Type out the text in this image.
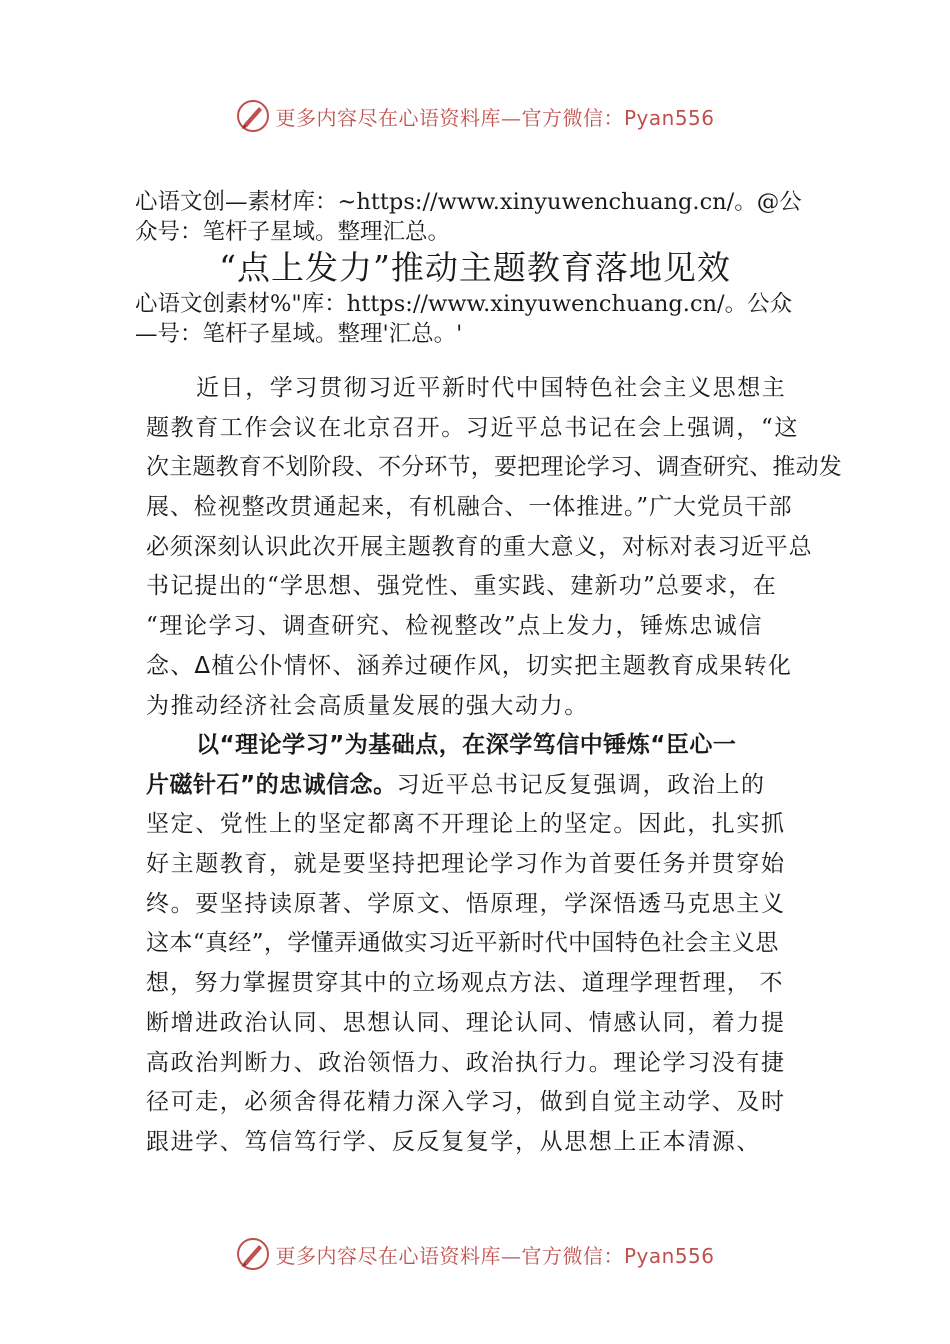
更多内容尽在心语资料库—官方微信：Pyan556
心语文创—素材库：~https://www.xinyuwenchuang.cn/。@公
众号：笔杆子星域。整理汇总。
“点上发力”推动主题教育落地见效
心语文创素材%"库：https://www.xinyuwenchuang.cn/。公众
—号：笔杆子星域。整理'汇总。'
近日，学习贯彻习近平新时代中国特色社会主义思想主
题教育工作会议在北京召开。习近平总书记在会上强调，“这
次主题教育不划阶段、不分环节，要把理论学习、调查研究、推动发
展、检视整改贯通起来，有机融合、一体推进。”广大党员干部
必须深刻认识此次开展主题教育的重大意义，对标对表习近平总
书记提出的“学思想、强党性、重实践、建新功”总要求，在
“理论学习、调查研究、检视整改”点上发力，锤炼忠诚信
念、ᐃ植公仆情怀、涵养过硬作风，切实把主题教育成果转化
为推动经济社会高质量发展的强大动力。
以“理论学习”为基础点，在深学笃信中锤炼“臣心一
片磁针石”的忠诚信念。习近平总书记反复强调，政治上的
坚定、党性上的坚定都离不开理论上的坚定。因此，扎实抓
好主题教育，就是要坚持把理论学习作为首要任务并贯穿始
终。要坚持读原著、学原文、悟原理，学深悟透马克思主义
这本“真经”，学懂弄通做实习近平新时代中国特色社会主义思
想，努力掌握贯穿其中的立场观点方法、道理学理哲理， 不
断增进政治认同、思想认同、理论认同、情感认同，着力提
高政治判断力、政治领悟力、政治执行力。理论学习没有捷
径可走，必须舍得花精力深入学习，做到自觉主动学、及时
跟进学、笃信笃行学、反反复复学，从思想上正本清源、
更多内容尽在心语资料库—官方微信：Pyan556
